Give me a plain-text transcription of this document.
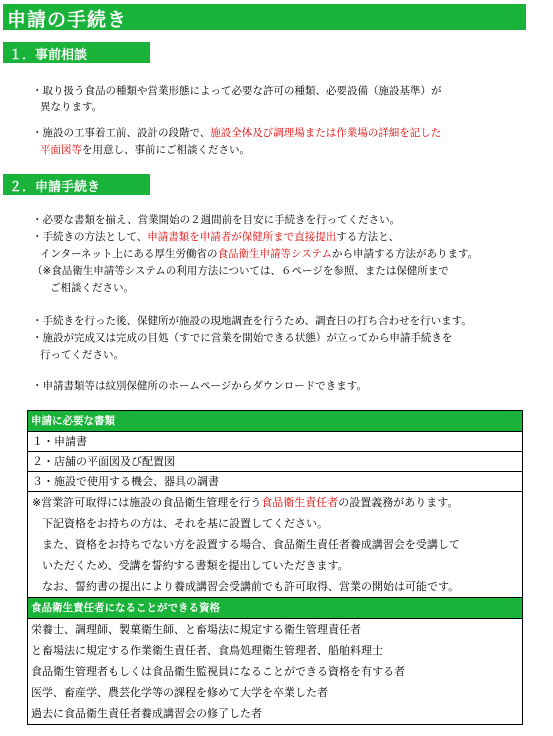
申請の手続き
１．事前相談
・取り扱う食品の種類や営業形態によって必要な許可の種類、必要設備（施設基準）が
異なります。
・施設の工事着工前、設計の段階で、施設全体及び調理場または作業場の詳細を記した
平面図等を用意し、事前にご相談ください。
２．申請手続き
・必要な書類を揃え、営業開始の２週間前を目安に手続きを行ってください。
・手続きの方法として、申請書類を申請者が保健所まで直接提出する方法と、
インターネット上にある厚生労働省の食品衛生申請等システムから申請する方法があります。
（※食品衛生申請等システムの利用方法については、６ページを参照、または保健所まで
ご相談ください。
・手続きを行った後、保健所が施設の現地調査を行うため、調査日の打ち合わせを行います。
・施設が完成又は完成の目処（すでに営業を開始できる状態）が立ってから申請手続きを
行ってください。
・申請書類等は紋別保健所のホームページからダウンロードできます。
申請に必要な書類
１・申請書
２・店舗の平面図及び配置図
３・施設で使用する機会、器具の調書
※営業許可取得には施設の食品衛生管理を行う食品衛生責任者の設置義務があります。
下記資格をお持ちの方は、それを基に設置してください。
また、資格をお持ちでない方を設置する場合、食品衛生責任者養成講習会を受講して
いただくため、受講を誓約する書類を提出していただきます。
なお、誓約書の提出により養成講習会受講前でも許可取得、営業の開始は可能です。
食品衛生責任者になることができる資格
栄養士、調理師、製菓衛生師、と畜場法に規定する衛生管理責任者
と畜場法に規定する作業衛生責任者、食鳥処理衛生管理者、船舶料理士
食品衛生管理者もしくは食品衛生監視員になることができる資格を有する者
医学、畜産学、農芸化学等の課程を修めて大学を卒業した者
過去に食品衛生責任者養成講習会の修了した者
